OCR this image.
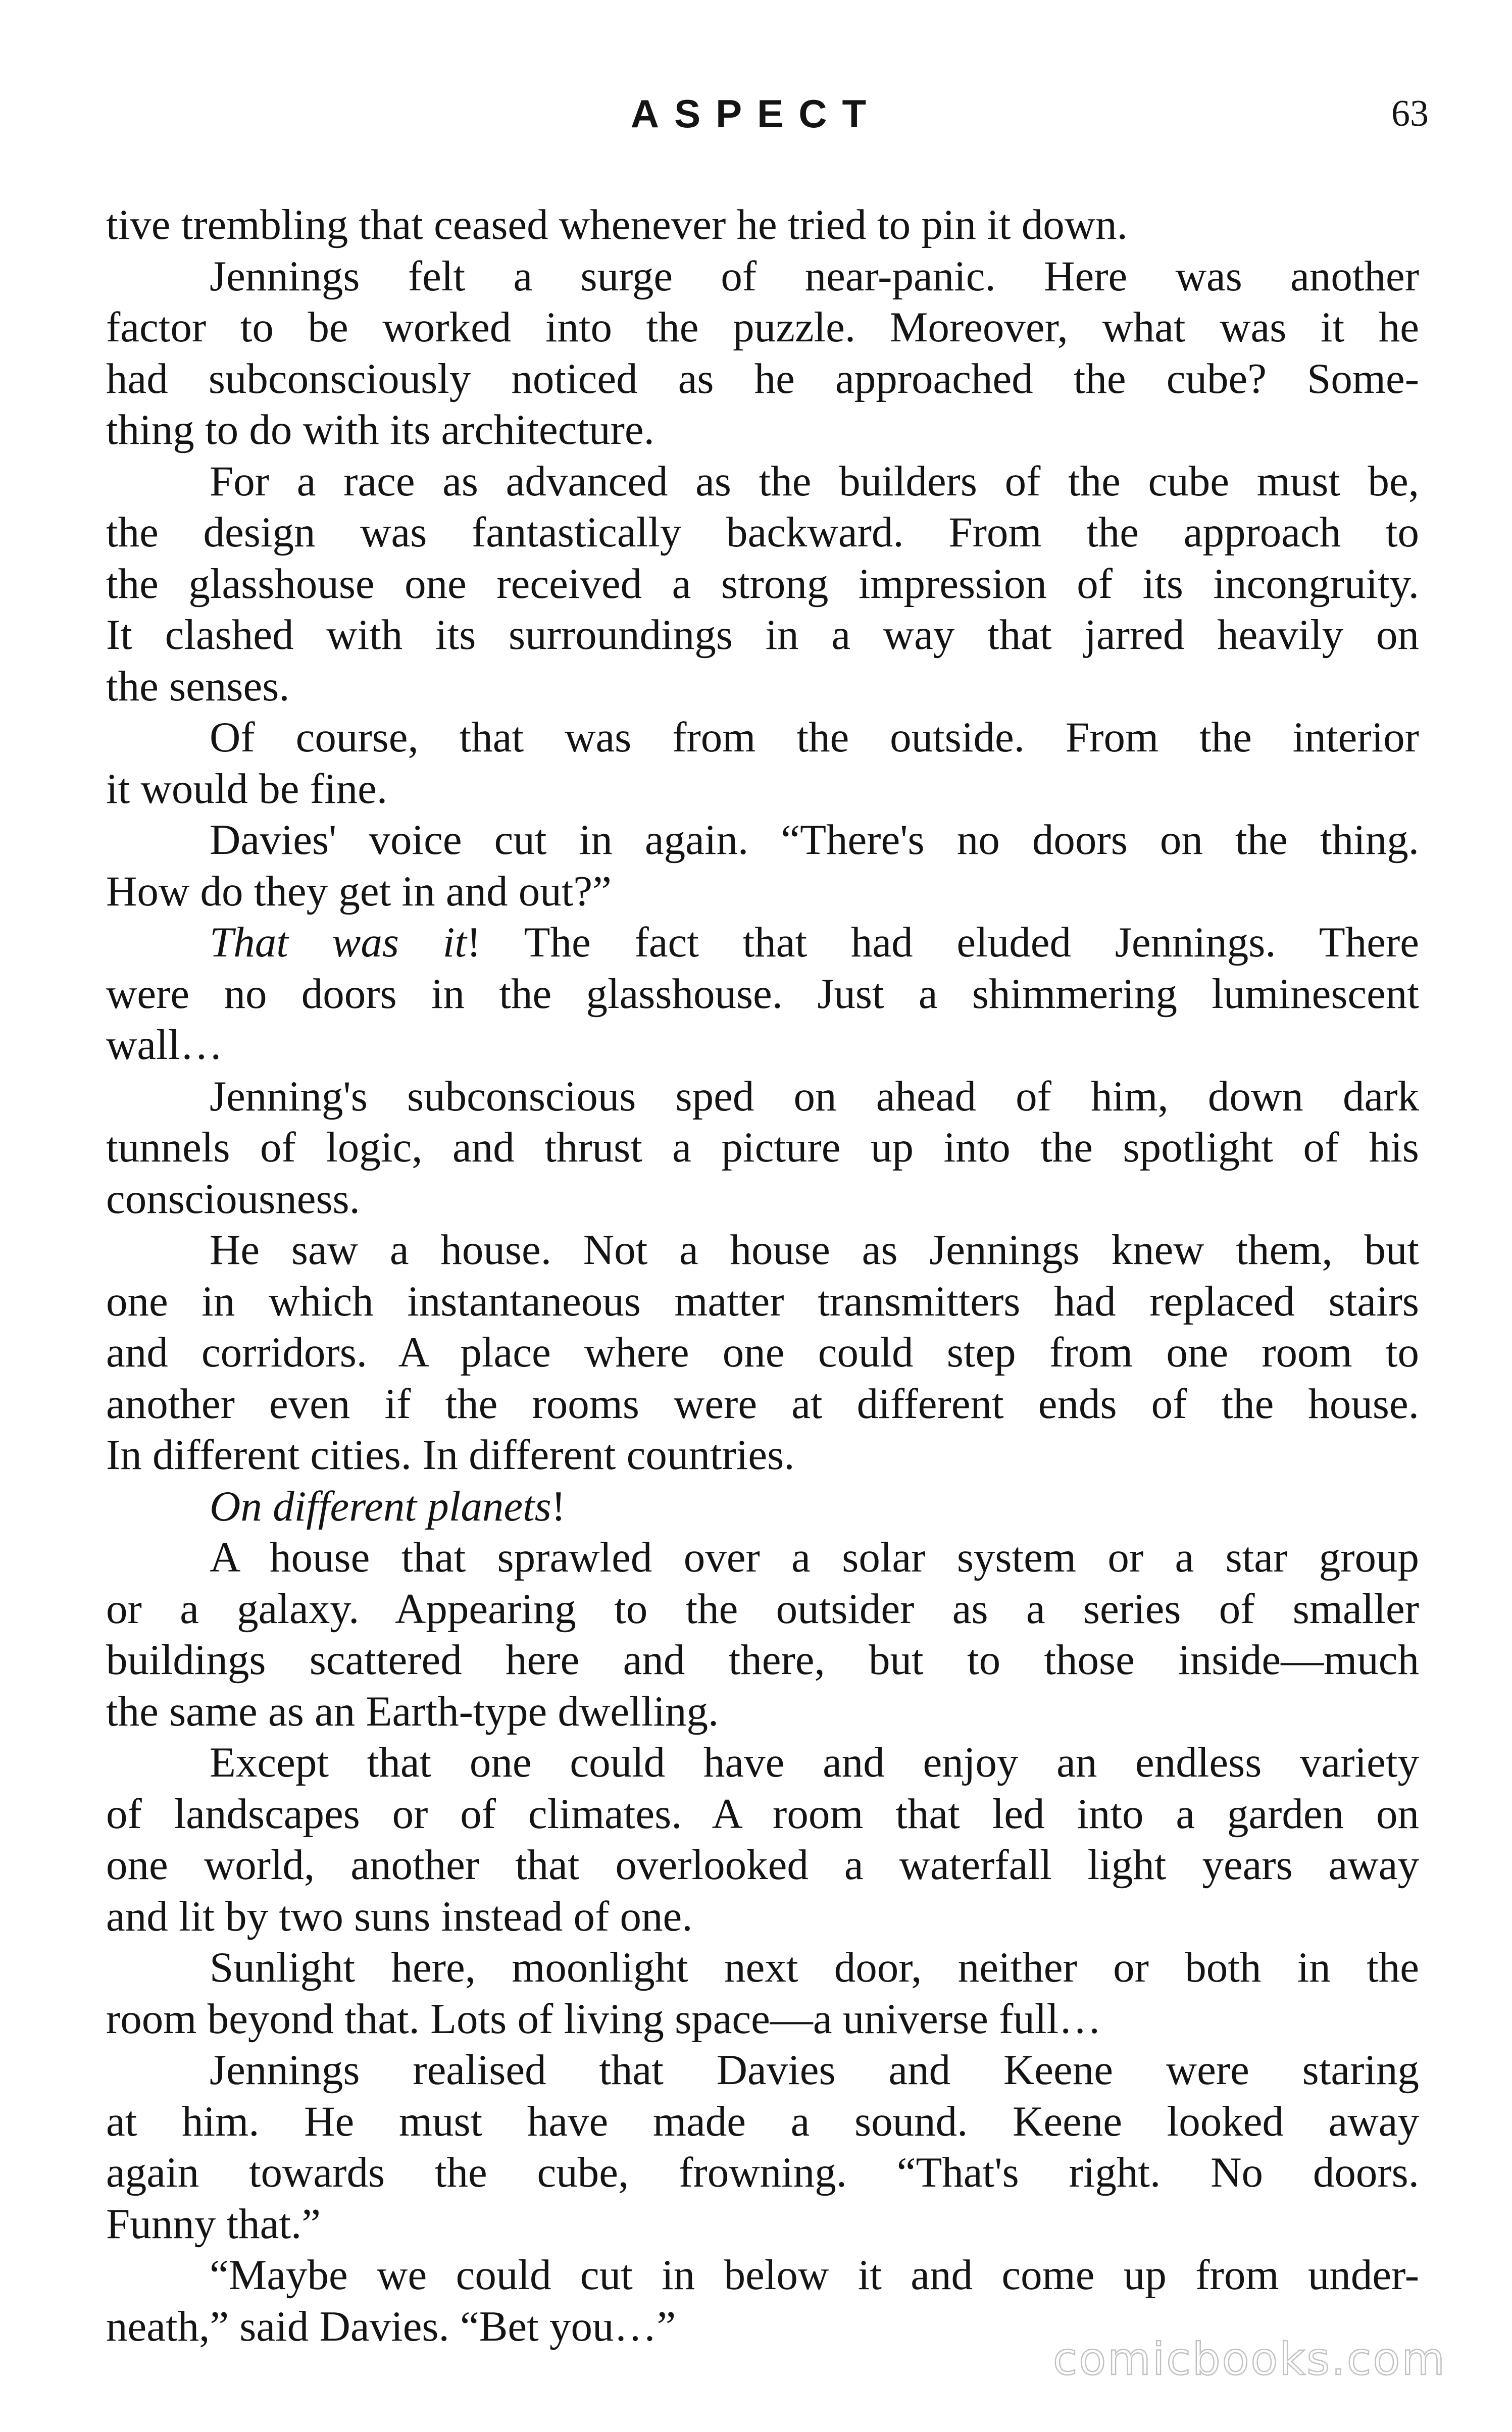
ASPECT	63
tive trembling that ceased whenever he tried to pin it down.
Jennings felt a surge of near-panic. Here was another
factor to be worked into the puzzle. Moreover, what was it he
had subconsciously noticed as he approached the cube? Some-
thing to do with its architecture.
For a race as advanced as the builders of the cube must be,
the design was fantastically backward. From the approach to
the glasshouse one received a strong impression of its incongruity.
It clashed with its surroundings in a way that jarred heavily on
the senses.
Of course, that was from the outside. From the interior
it would be fine.
Davies' voice cut in again. “There's no doors on the thing.
How do they get in and out?”
That was it! The fact that had eluded Jennings. There
were no doors in the glasshouse. Just a shimmering luminescent
wall…
Jenning's subconscious sped on ahead of him, down dark
tunnels of logic, and thrust a picture up into the spotlight of his
consciousness.
He saw a house. Not a house as Jennings knew them, but
one in which instantaneous matter transmitters had replaced stairs
and corridors. A place where one could step from one room to
another even if the rooms were at different ends of the house.
In different cities. In different countries.
On different planets!
A house that sprawled over a solar system or a star group
or a galaxy. Appearing to the outsider as a series of smaller
buildings scattered here and there, but to those inside—much
the same as an Earth-type dwelling.
Except that one could have and enjoy an endless variety
of landscapes or of climates. A room that led into a garden on
one world, another that overlooked a waterfall light years away
and lit by two suns instead of one.
Sunlight here, moonlight next door, neither or both in the
room beyond that. Lots of living space—a universe full…
Jennings realised that Davies and Keene were staring
at him. He must have made a sound. Keene looked away
again towards the cube, frowning. “That's right. No doors.
Funny that.”
“Maybe we could cut in below it and come up from under-
neath,” said Davies. “Bet you…”
comicbooks.com
